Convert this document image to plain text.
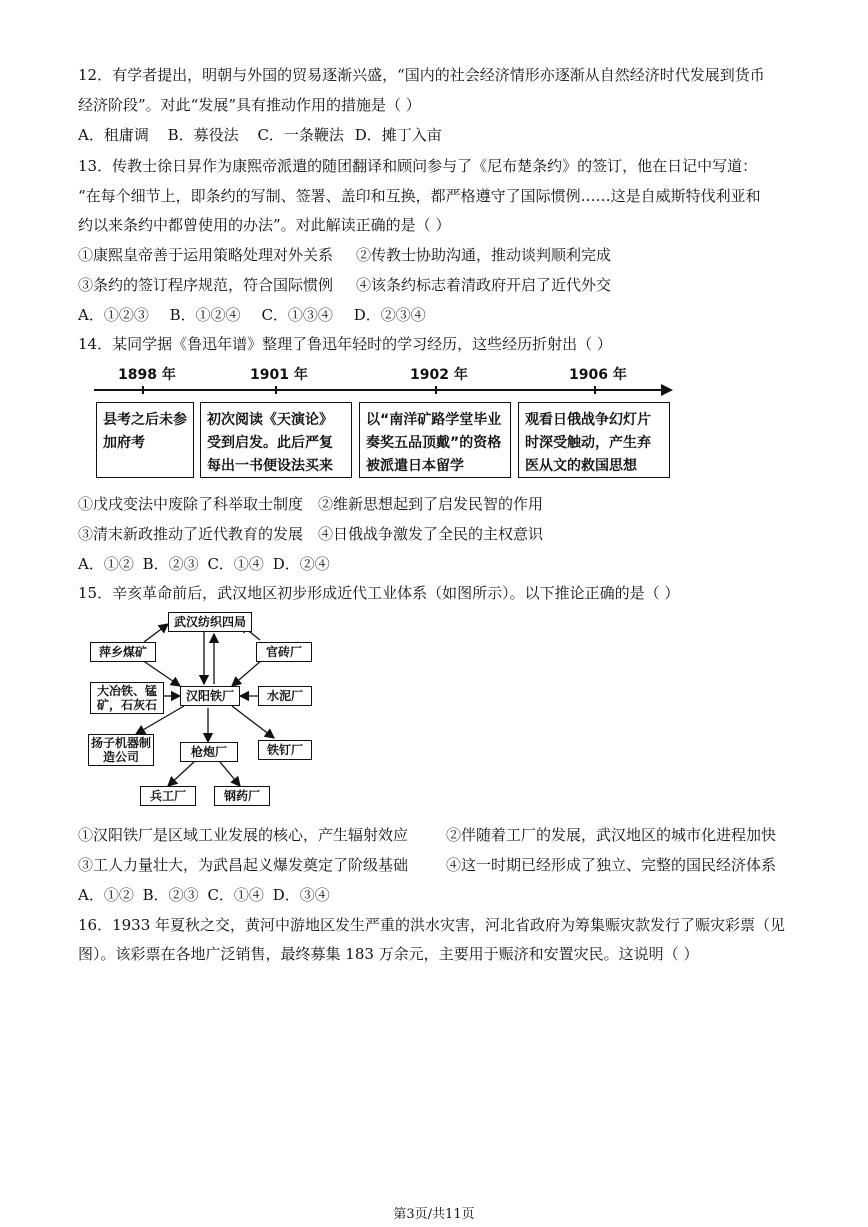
12．有学者提出，明朝与外国的贸易逐渐兴盛，“国内的社会经济情形亦逐渐从自然经济时代发展到货币
经济阶段”。对此“发展”具有推动作用的措施是（ ）
A．租庸调 B．募役法 C．一条鞭法 D．摊丁入亩
13．传教士徐日昇作为康熙帝派遣的随团翻译和顾问参与了《尼布楚条约》的签订，他在日记中写道：
“在每个细节上，即条约的写制、签署、盖印和互换，都严格遵守了国际惯例……这是自威斯特伐利亚和
约以来条约中都曾使用的办法”。对此解读正确的是（ ）
①康熙皇帝善于运用策略处理对外关系 ②传教士协助沟通，推动谈判顺利完成
③条约的签订程序规范，符合国际惯例 ④该条约标志着清政府开启了近代外交
A．①②③ B．①②④ C．①③④ D．②③④
14．某同学据《鲁迅年谱》整理了鲁迅年轻时的学习经历，这些经历折射出（ ）
1898 年	1901 年	1902 年	1906 年
县考之后未参加府考
初次阅读《天演论》受到启发。此后严复每出一书便设法买来
以“南洋矿路学堂毕业奏奖五品顶戴”的资格被派遣日本留学
观看日俄战争幻灯片时深受触动，产生弃医从文的救国思想
①戊戌变法中废除了科举取士制度 ②维新思想起到了启发民智的作用
③清末新政推动了近代教育的发展 ④日俄战争激发了全民的主权意识
A．①② B．②③ C．①④ D．②④
15．辛亥革命前后，武汉地区初步形成近代工业体系（如图所示）。以下推论正确的是（ ）
武汉纺织四局
萍乡煤矿	官砖厂
大冶铁、锰矿，石灰石
汉阳铁厂	水泥厂
扬子机器制造公司	枪炮厂	铁钉厂
兵工厂	钢药厂
①汉阳铁厂是区域工业发展的核心，产生辐射效应	②伴随着工厂的发展，武汉地区的城市化进程加快
③工人力量壮大，为武昌起义爆发奠定了阶级基础	④这一时期已经形成了独立、完整的国民经济体系
A．①② B．②③ C．①④ D．③④
16．1933 年夏秋之交，黄河中游地区发生严重的洪水灾害，河北省政府为筹集赈灾款发行了赈灾彩票（见
图）。该彩票在各地广泛销售，最终募集 183 万余元，主要用于赈济和安置灾民。这说明（ ）
第3页/共11页
